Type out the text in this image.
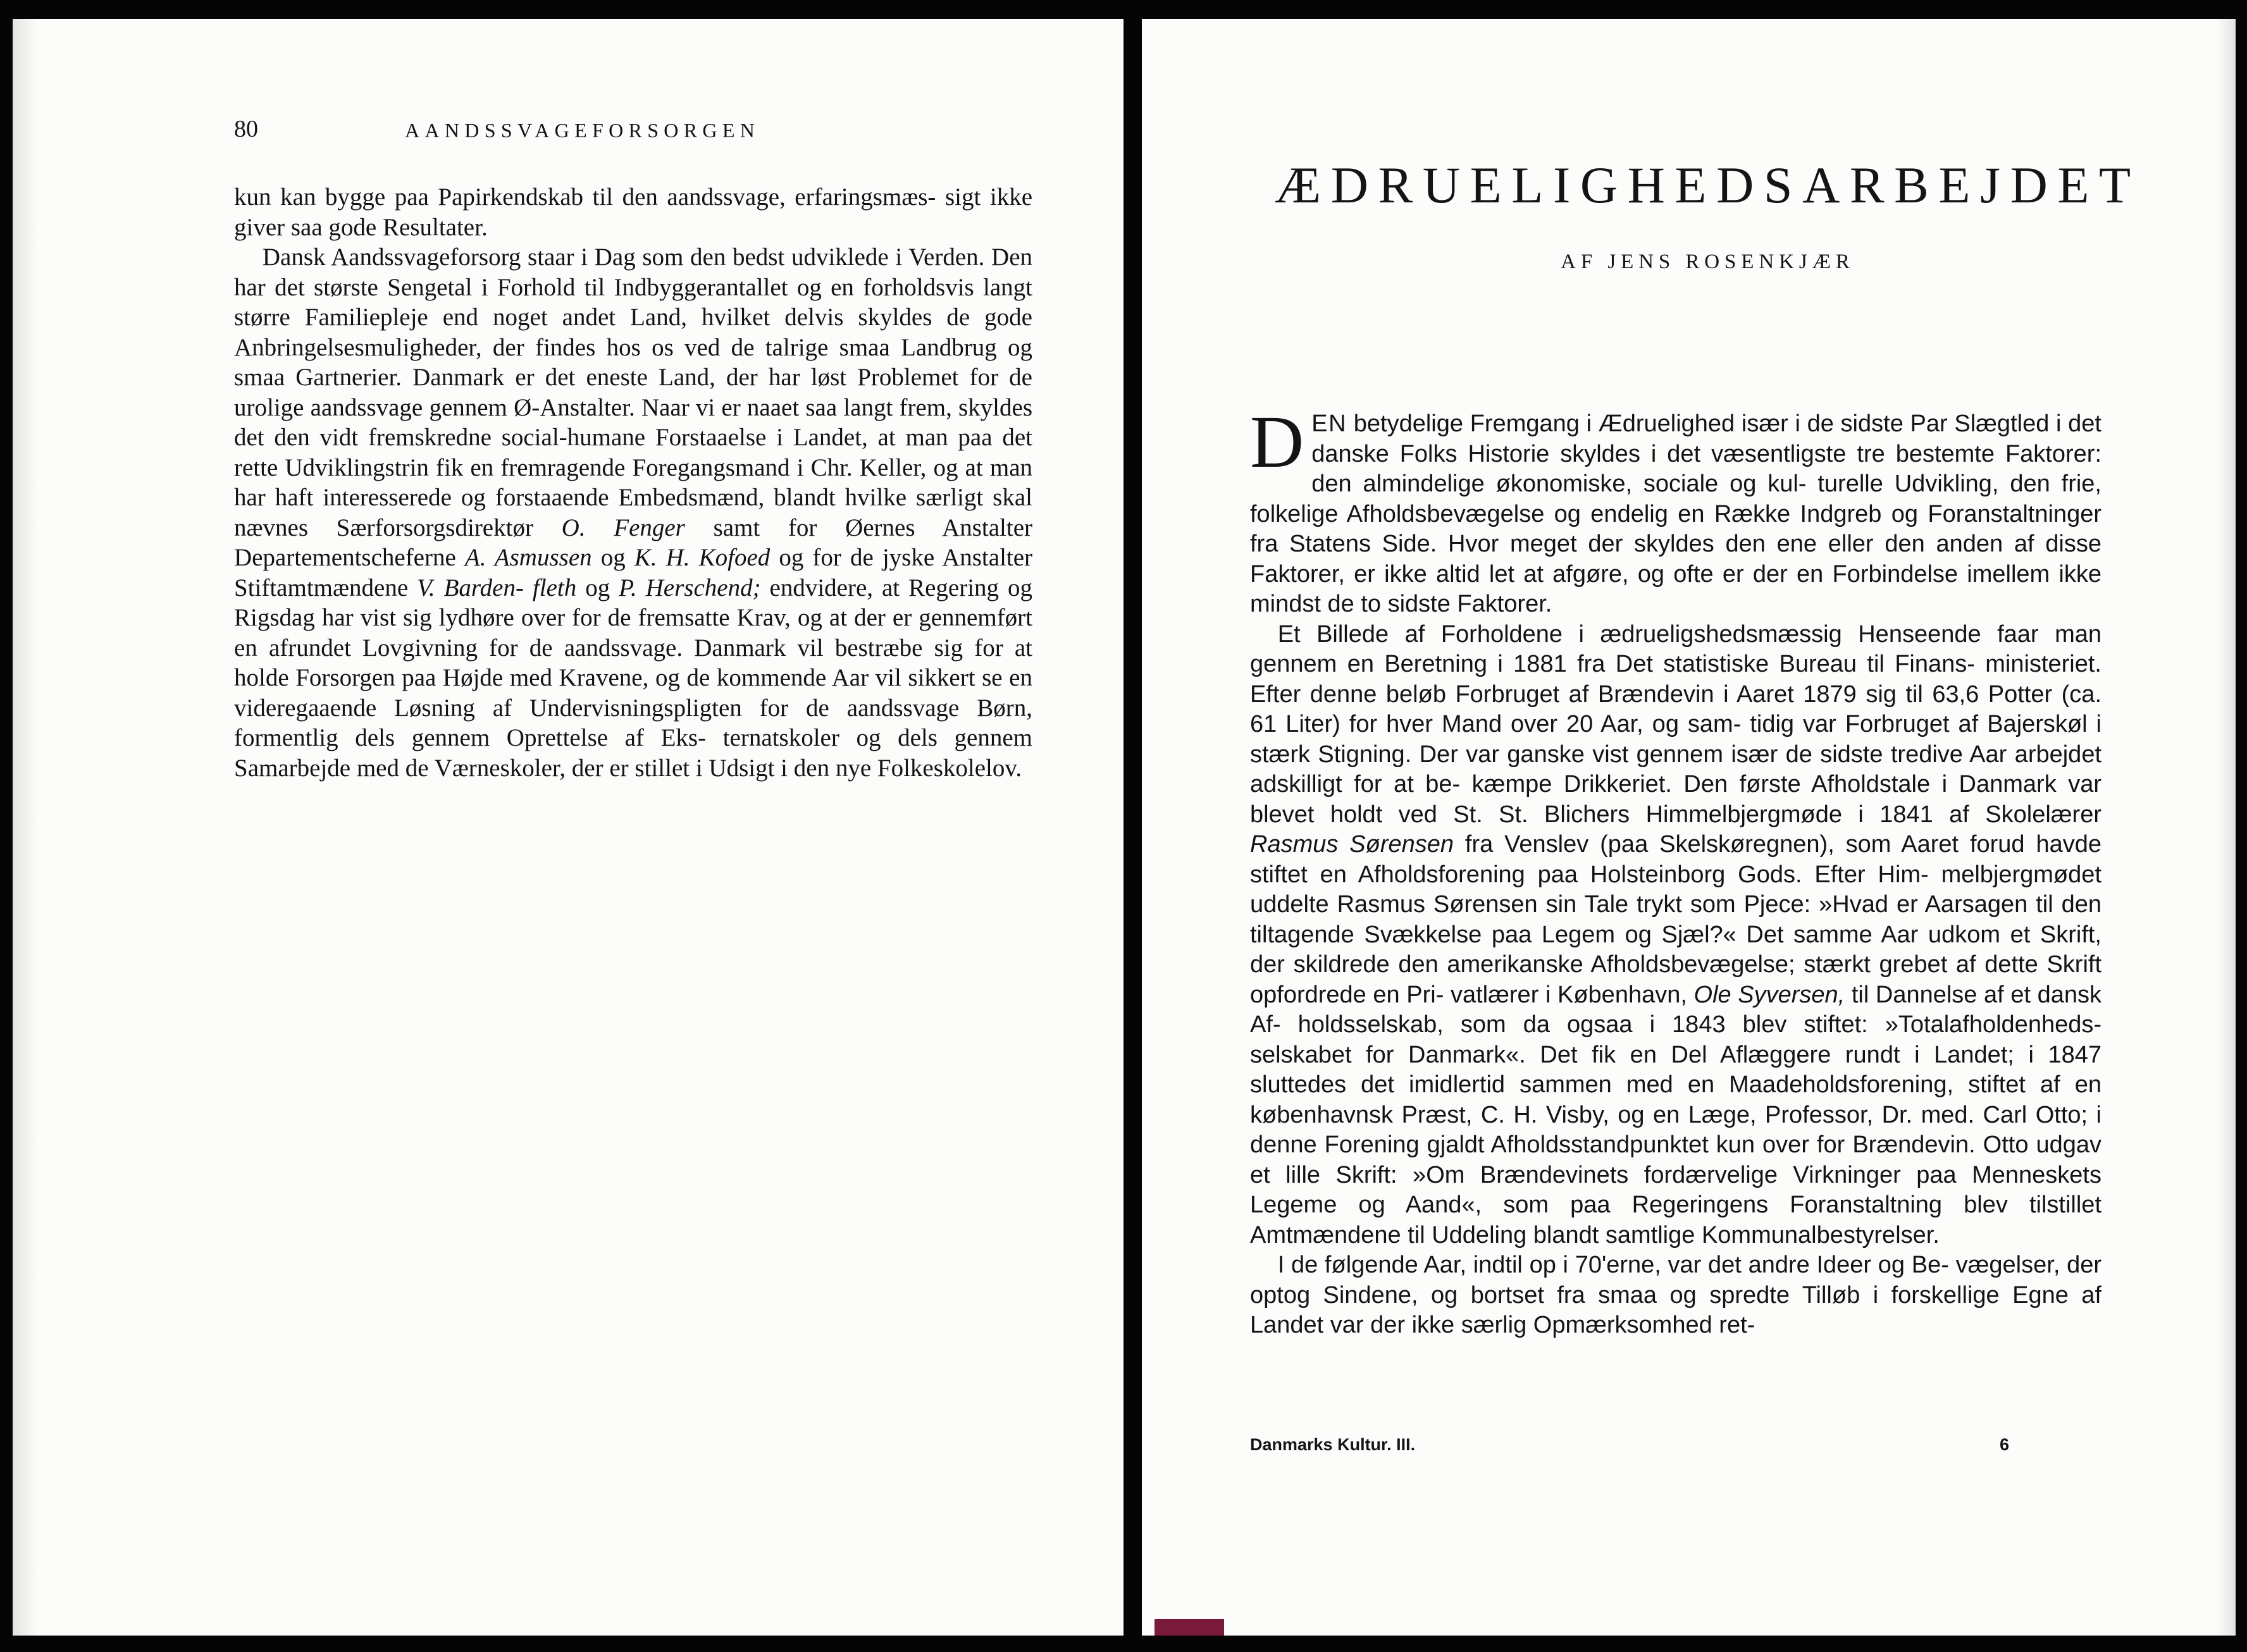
80	AANDSSVAGEFORSORGEN

kun kan bygge paa Papirkendskab til den aandssvage, erfaringsmæs- sigt ikke giver saa gode Resultater.

Dansk Aandssvageforsorg staar i Dag som den bedst udviklede i Verden. Den har det største Sengetal i Forhold til Indbyggerantallet og en forholdsvis langt større Familiepleje end noget andet Land, hvilket delvis skyldes de gode Anbringelsesmuligheder, der findes hos os ved de talrige smaa Landbrug og smaa Gartnerier. Danmark er det eneste Land, der har løst Problemet for de urolige aandssvage gennem Ø-Anstalter. Naar vi er naaet saa langt frem, skyldes det den vidt fremskredne social-humane Forstaaelse i Landet, at man paa det rette Udviklingstrin fik en fremragende Foregangsmand i Chr. Keller, og at man har haft interesserede og forstaaende Embedsmænd, blandt hvilke særligt skal nævnes Særforsorgsdirektør O. Fenger samt for Øernes Anstalter Departementscheferne A. Asmussen og K. H. Kofoed og for de jyske Anstalter Stiftamtmændene V. Barden- fleth og P. Herschend; endvidere, at Regering og Rigsdag har vist sig lydhøre over for de fremsatte Krav, og at der er gennemført en afrundet Lovgivning for de aandssvage. Danmark vil bestræbe sig for at holde Forsorgen paa Højde med Kravene, og de kommende Aar vil sikkert se en videregaaende Løsning af Undervisningspligten for de aandssvage Børn, formentlig dels gennem Oprettelse af Eks- ternatskoler og dels gennem Samarbejde med de Værneskoler, der er stillet i Udsigt i den nye Folkeskolelov.

ÆDRUELIGHEDSARBEJDET
AF JENS ROSENKJÆR

DEN betydelige Fremgang i Ædruelighed især i de sidste Par Slægtled i det danske Folks Historie skyldes i det væsentligste tre bestemte Faktorer: den almindelige økonomiske, sociale og kul- turelle Udvikling, den frie, folkelige Afholdsbevægelse og endelig en Række Indgreb og Foranstaltninger fra Statens Side. Hvor meget der skyldes den ene eller den anden af disse Faktorer, er ikke altid let at afgøre, og ofte er der en Forbindelse imellem ikke mindst de to sidste Faktorer.

Et Billede af Forholdene i ædrueligshedsmæssig Henseende faar man gennem en Beretning i 1881 fra Det statistiske Bureau til Finans- ministeriet. Efter denne beløb Forbruget af Brændevin i Aaret 1879 sig til 63,6 Potter (ca. 61 Liter) for hver Mand over 20 Aar, og sam- tidig var Forbruget af Bajerskøl i stærk Stigning. Der var ganske vist gennem især de sidste tredive Aar arbejdet adskilligt for at be- kæmpe Drikkeriet. Den første Afholdstale i Danmark var blevet holdt ved St. St. Blichers Himmelbjergmøde i 1841 af Skolelærer Rasmus Sørensen fra Venslev (paa Skelskøregnen), som Aaret forud havde stiftet en Afholdsforening paa Holsteinborg Gods. Efter Him- melbjergmødet uddelte Rasmus Sørensen sin Tale trykt som Pjece: »Hvad er Aarsagen til den tiltagende Svækkelse paa Legem og Sjæl?« Det samme Aar udkom et Skrift, der skildrede den amerikanske Afholdsbevægelse; stærkt grebet af dette Skrift opfordrede en Pri- vatlærer i København, Ole Syversen, til Dannelse af et dansk Af- holdsselskab, som da ogsaa i 1843 blev stiftet: »Totalafholdenheds- selskabet for Danmark«. Det fik en Del Aflæggere rundt i Landet; i 1847 sluttedes det imidlertid sammen med en Maadeholdsforening, stiftet af en københavnsk Præst, C. H. Visby, og en Læge, Professor, Dr. med. Carl Otto; i denne Forening gjaldt Afholdsstandpunktet kun over for Brændevin. Otto udgav et lille Skrift: »Om Brændevinets fordærvelige Virkninger paa Menneskets Legeme og Aand«, som paa Regeringens Foranstaltning blev tilstillet Amtmændene til Uddeling blandt samtlige Kommunalbestyrelser.

I de følgende Aar, indtil op i 70'erne, var det andre Ideer og Be- vægelser, der optog Sindene, og bortset fra smaa og spredte Tilløb i forskellige Egne af Landet var der ikke særlig Opmærksomhed ret-

Danmarks Kultur. III.	6
